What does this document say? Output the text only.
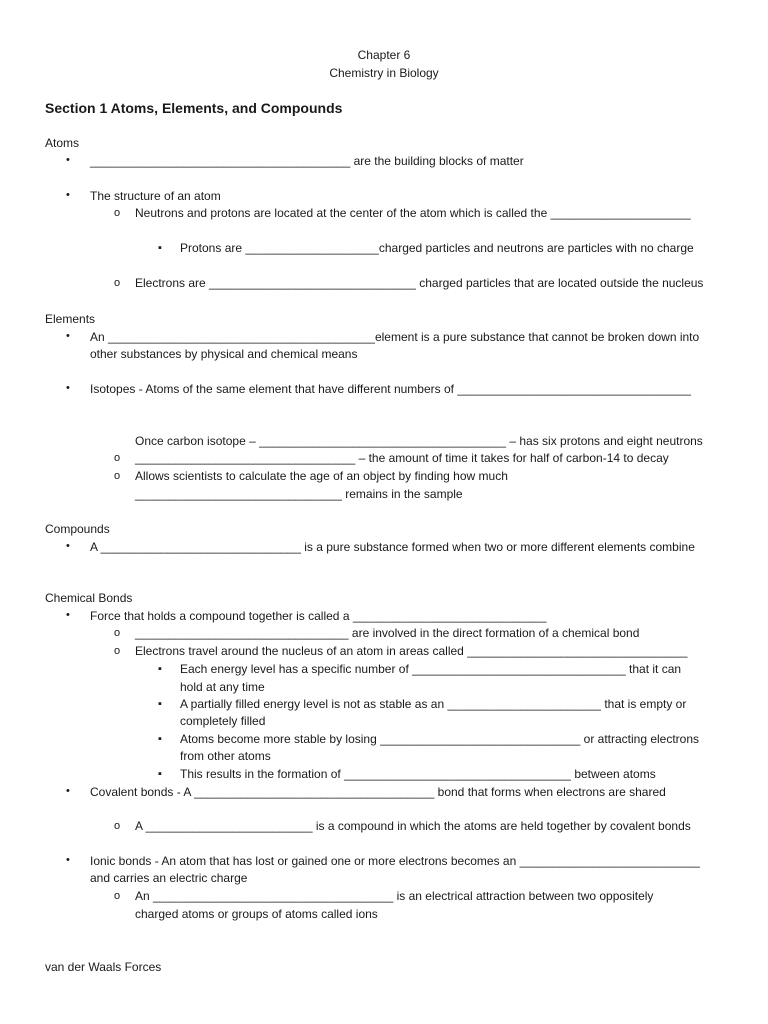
Chapter 6
Chemistry in Biology
Section 1 Atoms, Elements, and Compounds
Atoms
•
_______________________________________ are the building blocks of matter
•
The structure of an atom
o
Neutrons and protons are located at the center of the atom which is called the _____________________
▪
Protons are ____________________charged particles and neutrons are particles with no charge
o
Electrons are _______________________________ charged particles that are located outside the nucleus
Elements
•
An ________________________________________element is a pure substance that cannot be broken down into
other substances by physical and chemical means
•
Isotopes - Atoms of the same element that have different numbers of ___________________________________
Once carbon isotope – _____________________________________ – has six protons and eight neutrons
o
_________________________________ – the amount of time it takes for half of carbon-14 to decay
o
Allows scientists to calculate the age of an object by finding how much
_______________________________ remains in the sample
Compounds
•
A ______________________________ is a pure substance formed when two or more different elements combine
Chemical Bonds
•
Force that holds a compound together is called a _____________________________
o
________________________________ are involved in the direct formation of a chemical bond
o
Electrons travel around the nucleus of an atom in areas called _________________________________
▪
Each energy level has a specific number of ________________________________ that it can
hold at any time
▪
A partially filled energy level is not as stable as an _______________________ that is empty or
completely filled
▪
Atoms become more stable by losing ______________________________ or attracting electrons
from other atoms
▪
This results in the formation of __________________________________ between atoms
•
Covalent bonds - A ____________________________________ bond that forms when electrons are shared
o
A _________________________ is a compound in which the atoms are held together by covalent bonds
•
Ionic bonds - An atom that has lost or gained one or more electrons becomes an ___________________________
and carries an electric charge
o
An ____________________________________ is an electrical attraction between two oppositely
charged atoms or groups of atoms called ions
van der Waals Forces
